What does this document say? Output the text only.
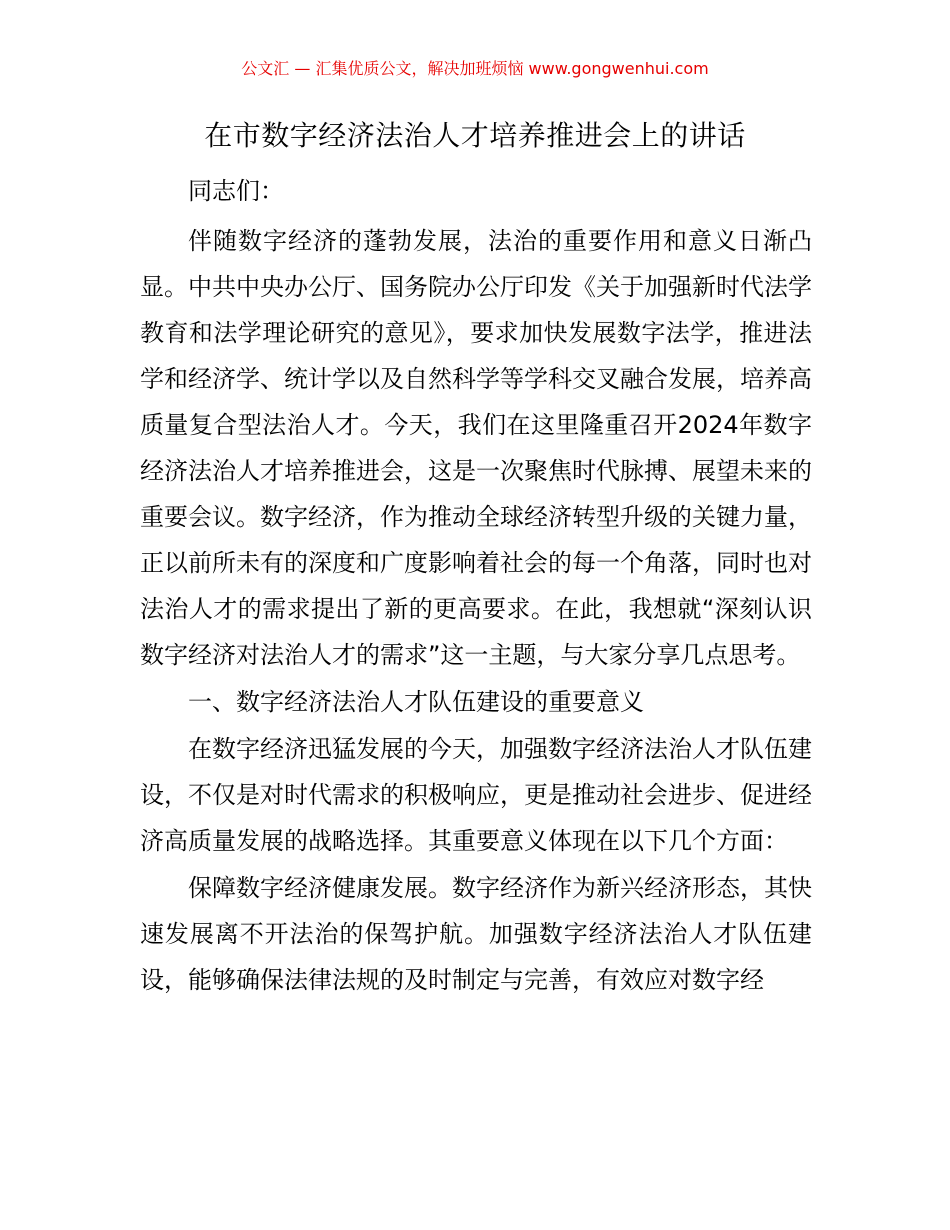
公文汇 — 汇集优质公文，解决加班烦恼 www.gongwenhui.com
在市数字经济法治人才培养推进会上的讲话

同志们：

伴随数字经济的蓬勃发展，法治的重要作用和意义日渐凸显。中共中央办公厅、国务院办公厅印发《关于加强新时代法学教育和法学理论研究的意见》，要求加快发展数字法学，推进法学和经济学、统计学以及自然科学等学科交叉融合发展，培养高质量复合型法治人才。今天，我们在这里隆重召开2024年数字经济法治人才培养推进会，这是一次聚焦时代脉搏、展望未来的重要会议。数字经济，作为推动全球经济转型升级的关键力量，正以前所未有的深度和广度影响着社会的每一个角落，同时也对法治人才的需求提出了新的更高要求。在此，我想就“深刻认识数字经济对法治人才的需求”这一主题，与大家分享几点思考。

一、数字经济法治人才队伍建设的重要意义

在数字经济迅猛发展的今天，加强数字经济法治人才队伍建设，不仅是对时代需求的积极响应，更是推动社会进步、促进经济高质量发展的战略选择。其重要意义体现在以下几个方面：

保障数字经济健康发展。数字经济作为新兴经济形态，其快速发展离不开法治的保驾护航。加强数字经济法治人才队伍建设，能够确保法律法规的及时制定与完善，有效应对数字经
